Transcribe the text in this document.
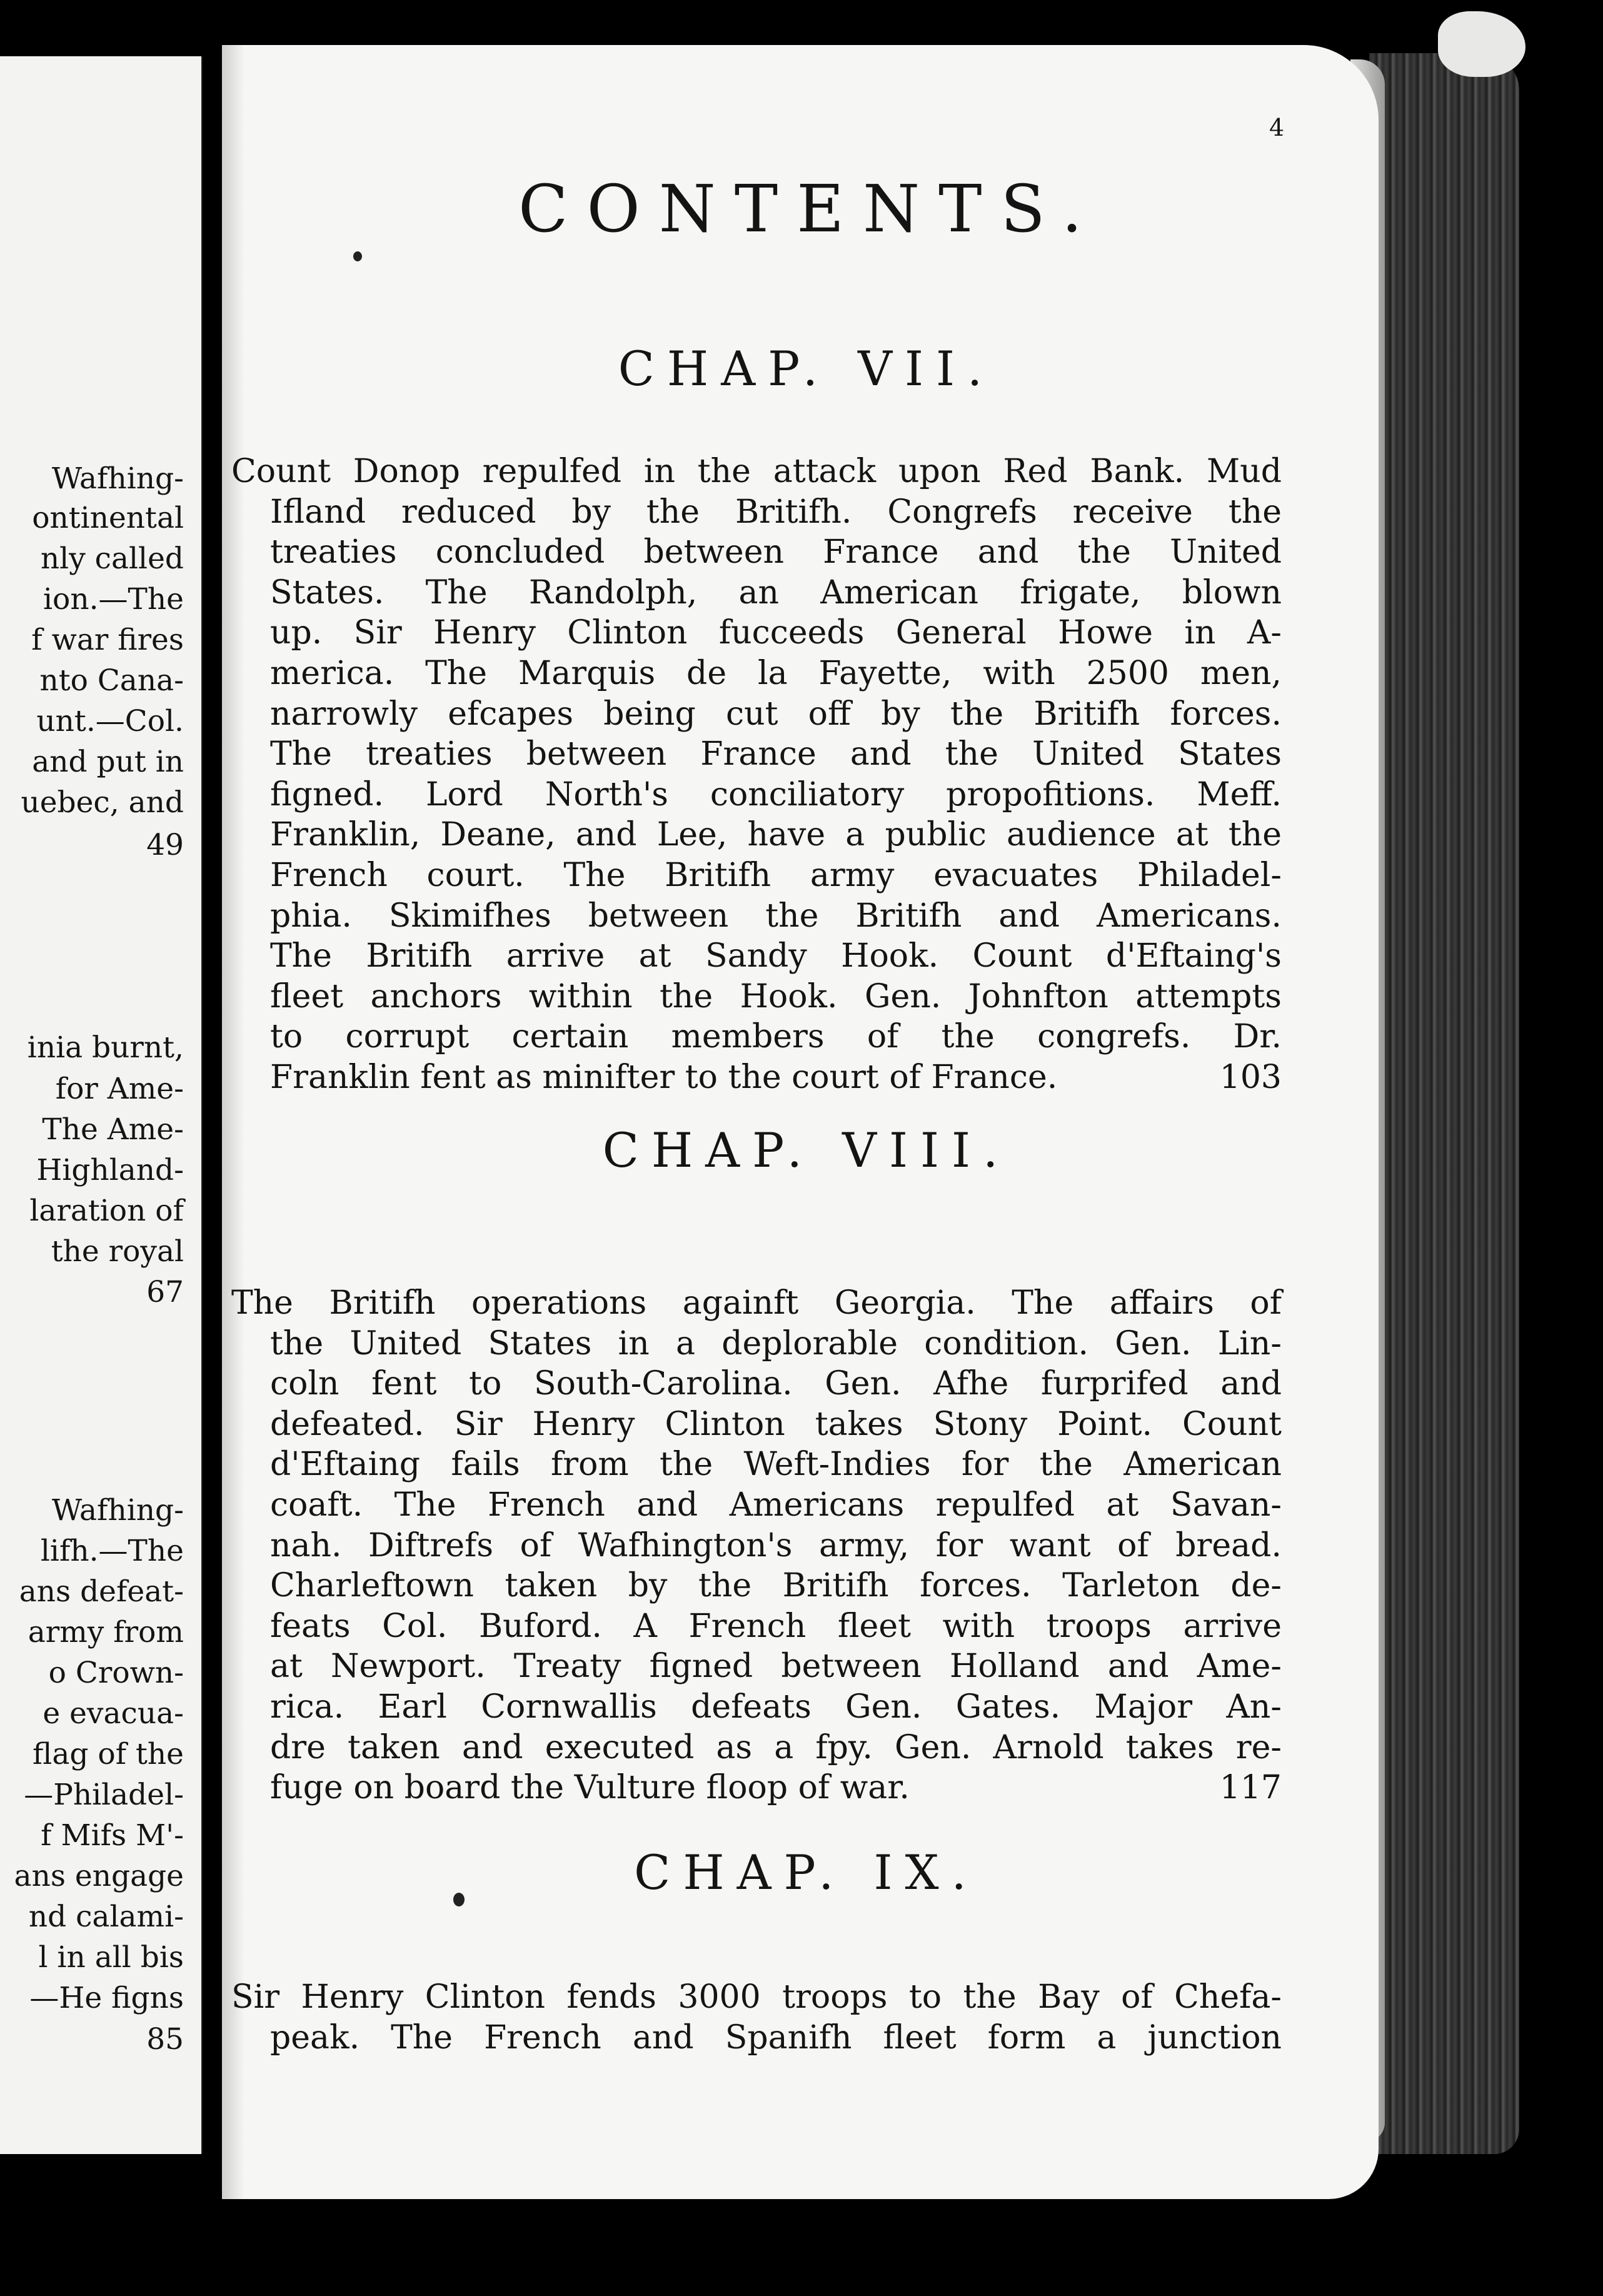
Wafhing-
ontinental
nly called
ion.—The
f war fires
nto Cana-
unt.—Col.
and put in
uebec, and
49
inia burnt,
for Ame-
The Ame-
Highland-
laration of
the royal
67
Wafhing-
lifh.—The
ans defeat-
army from
o Crown-
e evacua-
flag of the
—Philadel-
f Mifs M'-
ans engage
nd calami-
l in all bis
—He figns
85
4
CONTENTS.
CHAP. VII.
Count Donop repulfed in the attack upon Red Bank. Mud
Ifland reduced by the Britifh. Congrefs receive the
treaties concluded between France and the United
States. The Randolph, an American frigate, blown
up. Sir Henry Clinton fucceeds General Howe in A-
merica. The Marquis de la Fayette, with 2500 men,
narrowly efcapes being cut off by the Britifh forces.
The treaties between France and the United States
figned. Lord North's conciliatory propofitions. Meff.
Franklin, Deane, and Lee, have a public audience at the
French court. The Britifh army evacuates Philadel-
phia. Skimifhes between the Britifh and Americans.
The Britifh arrive at Sandy Hook. Count d'Eftaing's
fleet anchors within the Hook. Gen. Johnfton attempts
to corrupt certain members of the congrefs. Dr.
Franklin fent as minifter to the court of France.	103
CHAP. VIII.
The Britifh operations againft Georgia. The affairs of
the United States in a deplorable condition. Gen. Lin-
coln fent to South-Carolina. Gen. Afhe furprifed and
defeated. Sir Henry Clinton takes Stony Point. Count
d'Eftaing fails from the Weft-Indies for the American
coaft. The French and Americans repulfed at Savan-
nah. Diftrefs of Wafhington's army, for want of bread.
Charleftown taken by the Britifh forces. Tarleton de-
feats Col. Buford. A French fleet with troops arrive
at Newport. Treaty figned between Holland and Ame-
rica. Earl Cornwallis defeats Gen. Gates. Major An-
dre taken and executed as a fpy. Gen. Arnold takes re-
fuge on board the Vulture floop of war.	117
CHAP. IX.
Sir Henry Clinton fends 3000 troops to the Bay of Chefa-
peak. The French and Spanifh fleet form a junction
